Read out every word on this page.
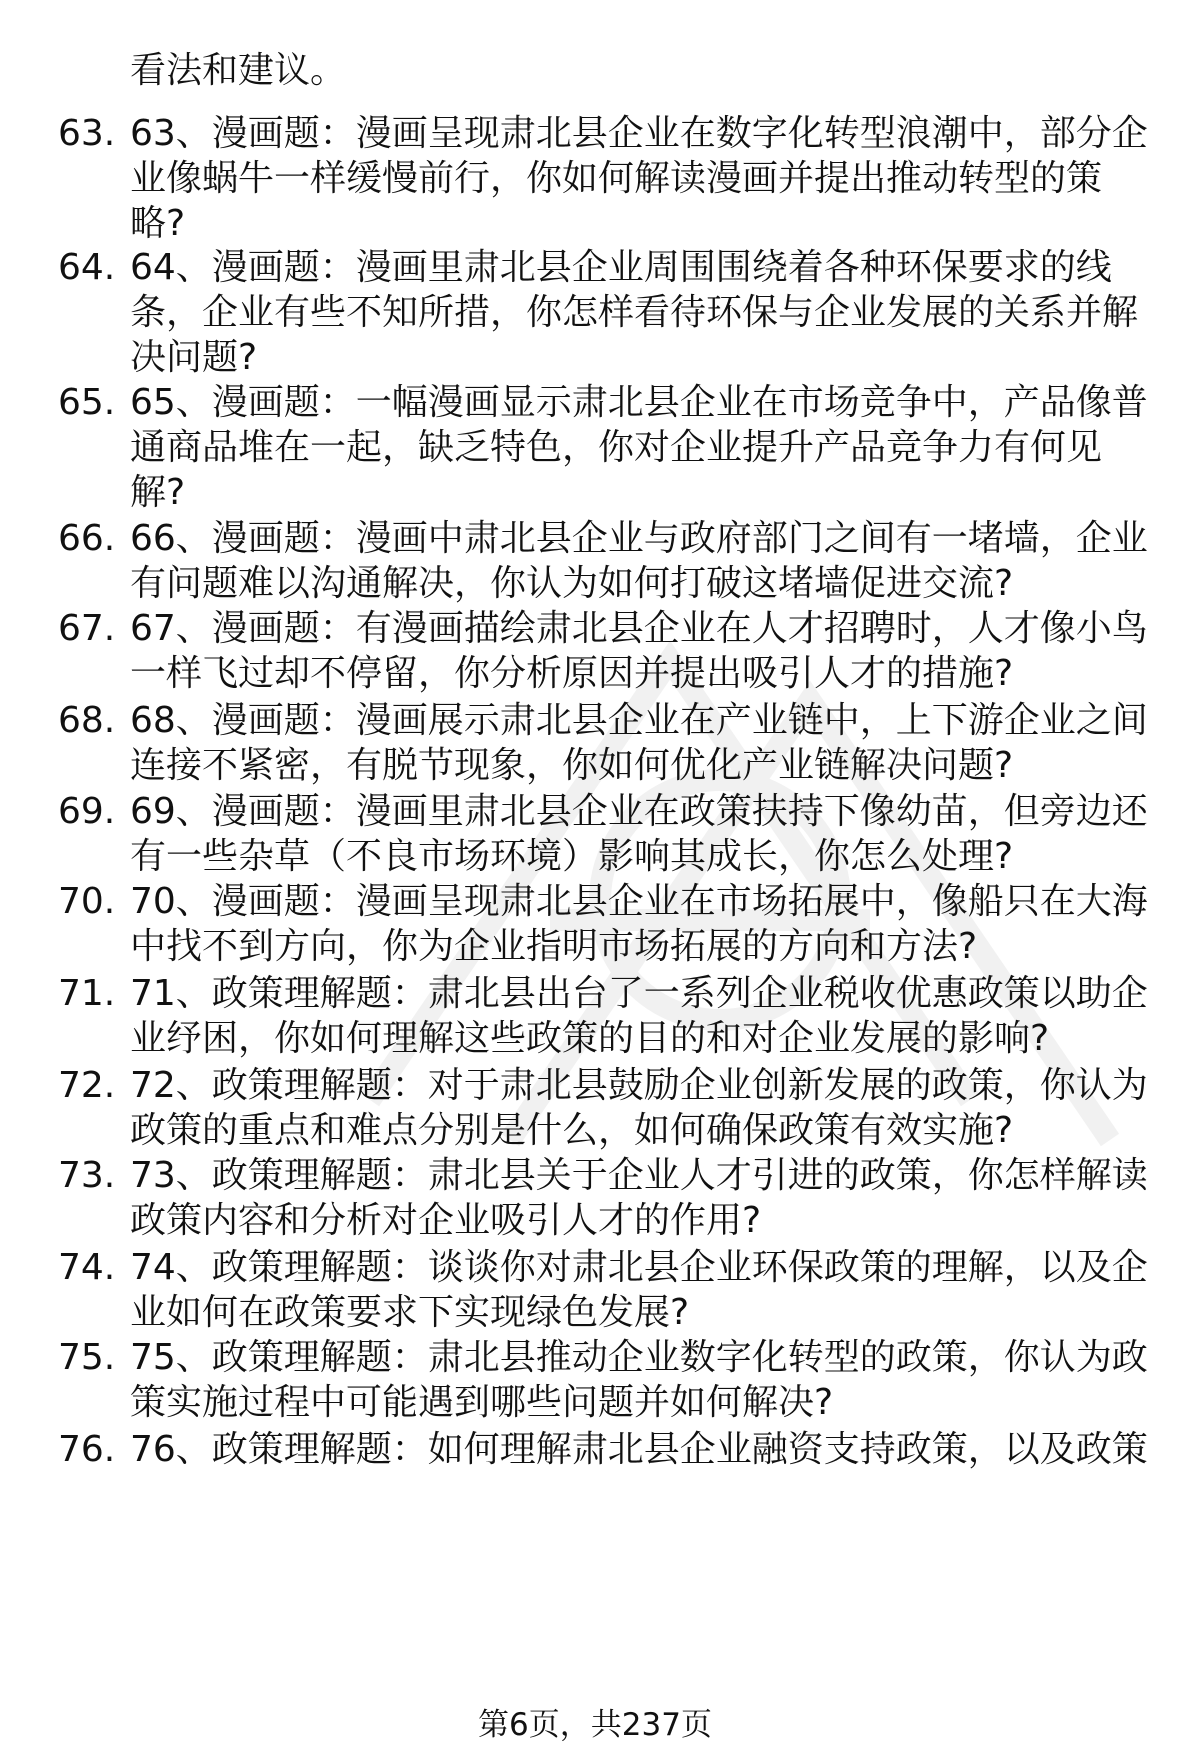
看法和建议。
63. 63、漫画题：漫画呈现肃北县企业在数字化转型浪潮中，部分企业像蜗牛一样缓慢前行，你如何解读漫画并提出推动转型的策略?
64. 64、漫画题：漫画里肃北县企业周围围绕着各种环保要求的线条，企业有些不知所措，你怎样看待环保与企业发展的关系并解决问题?
65. 65、漫画题：一幅漫画显示肃北县企业在市场竞争中，产品像普通商品堆在一起，缺乏特色，你对企业提升产品竞争力有何见解?
66. 66、漫画题：漫画中肃北县企业与政府部门之间有一堵墙，企业有问题难以沟通解决，你认为如何打破这堵墙促进交流?
67. 67、漫画题：有漫画描绘肃北县企业在人才招聘时，人才像小鸟一样飞过却不停留，你分析原因并提出吸引人才的措施?
68. 68、漫画题：漫画展示肃北县企业在产业链中，上下游企业之间连接不紧密，有脱节现象，你如何优化产业链解决问题?
69. 69、漫画题：漫画里肃北县企业在政策扶持下像幼苗，但旁边还有一些杂草（不良市场环境）影响其成长，你怎么处理?
70. 70、漫画题：漫画呈现肃北县企业在市场拓展中，像船只在大海中找不到方向，你为企业指明市场拓展的方向和方法?
71. 71、政策理解题：肃北县出台了一系列企业税收优惠政策以助企业纾困，你如何理解这些政策的目的和对企业发展的影响?
72. 72、政策理解题：对于肃北县鼓励企业创新发展的政策，你认为政策的重点和难点分别是什么，如何确保政策有效实施?
73. 73、政策理解题：肃北县关于企业人才引进的政策，你怎样解读政策内容和分析对企业吸引人才的作用?
74. 74、政策理解题：谈谈你对肃北县企业环保政策的理解，以及企业如何在政策要求下实现绿色发展?
75. 75、政策理解题：肃北县推动企业数字化转型的政策，你认为政策实施过程中可能遇到哪些问题并如何解决?
76. 76、政策理解题：如何理解肃北县企业融资支持政策，以及政策
第6页，共237页
